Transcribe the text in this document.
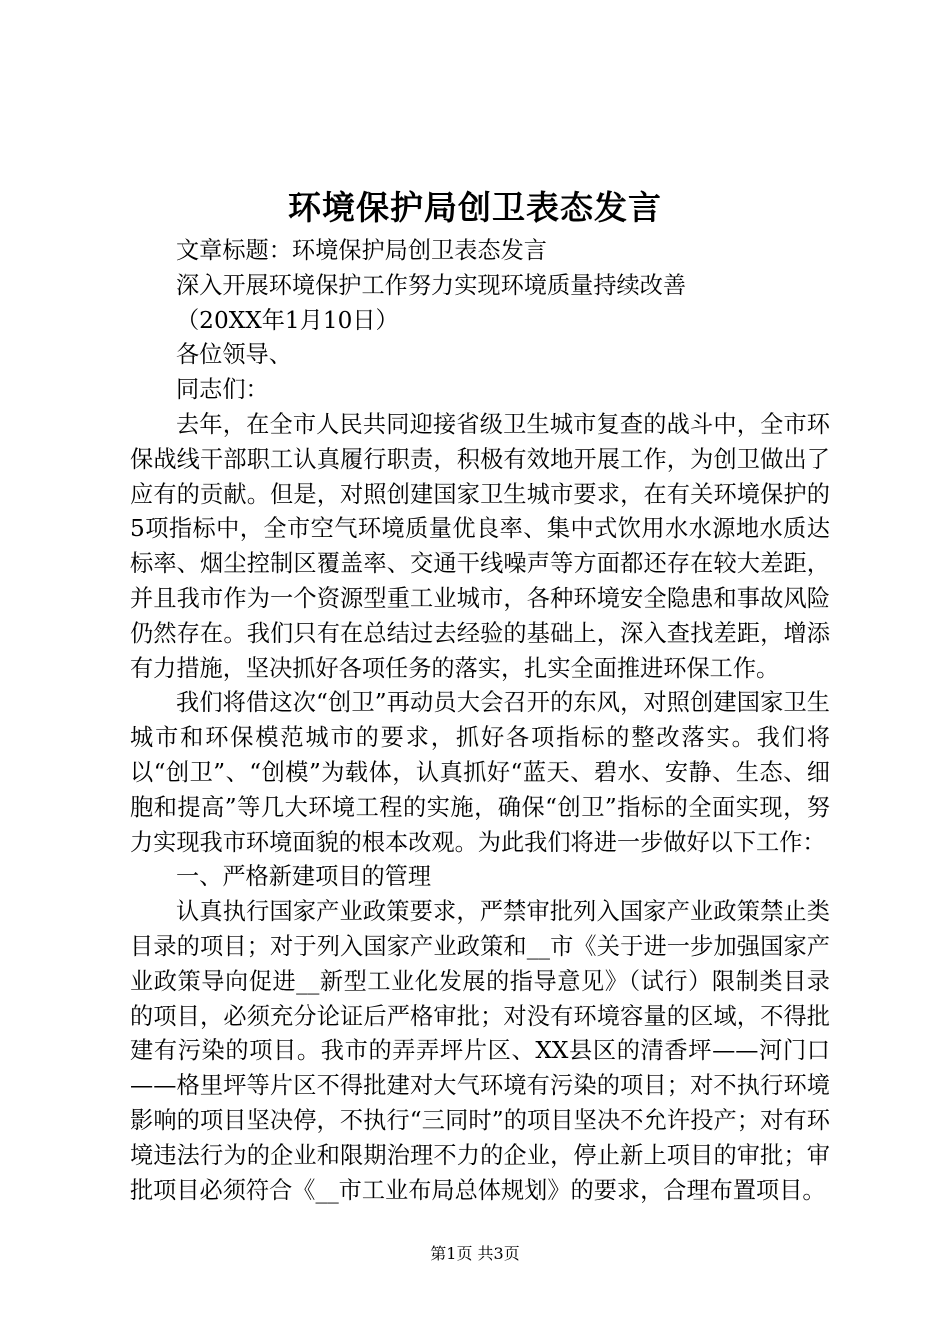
环境保护局创卫表态发言

文章标题：环境保护局创卫表态发言

深入开展环境保护工作努力实现环境质量持续改善

（20XX年1月10日）

各位领导、

同志们：

去年，在全市人民共同迎接省级卫生城市复查的战斗中，全市环保战线干部职工认真履行职责，积极有效地开展工作，为创卫做出了应有的贡献。但是，对照创建国家卫生城市要求，在有关环境保护的5项指标中，全市空气环境质量优良率、集中式饮用水水源地水质达标率、烟尘控制区覆盖率、交通干线噪声等方面都还存在较大差距，并且我市作为一个资源型重工业城市，各种环境安全隐患和事故风险仍然存在。我们只有在总结过去经验的基础上，深入查找差距，增添有力措施，坚决抓好各项任务的落实，扎实全面推进环保工作。

我们将借这次“创卫”再动员大会召开的东风，对照创建国家卫生城市和环保模范城市的要求，抓好各项指标的整改落实。我们将以“创卫”、“创模”为载体，认真抓好“蓝天、碧水、安静、生态、细胞和提高”等几大环境工程的实施，确保“创卫”指标的全面实现，努力实现我市环境面貌的根本改观。为此我们将进一步做好以下工作：

一、严格新建项目的管理

认真执行国家产业政策要求，严禁审批列入国家产业政策禁止类目录的项目；对于列入国家产业政策和__市《关于进一步加强国家产业政策导向促进__新型工业化发展的指导意见》（试行）限制类目录的项目，必须充分论证后严格审批；对没有环境容量的区域，不得批建有污染的项目。我市的弄弄坪片区、XX县区的清香坪——河门口——格里坪等片区不得批建对大气环境有污染的项目；对不执行环境影响的项目坚决停，不执行“三同时”的项目坚决不允许投产；对有环境违法行为的企业和限期治理不力的企业，停止新上项目的审批；审批项目必须符合《__市工业布局总体规划》的要求，合理布置项目。

第1页 共3页
